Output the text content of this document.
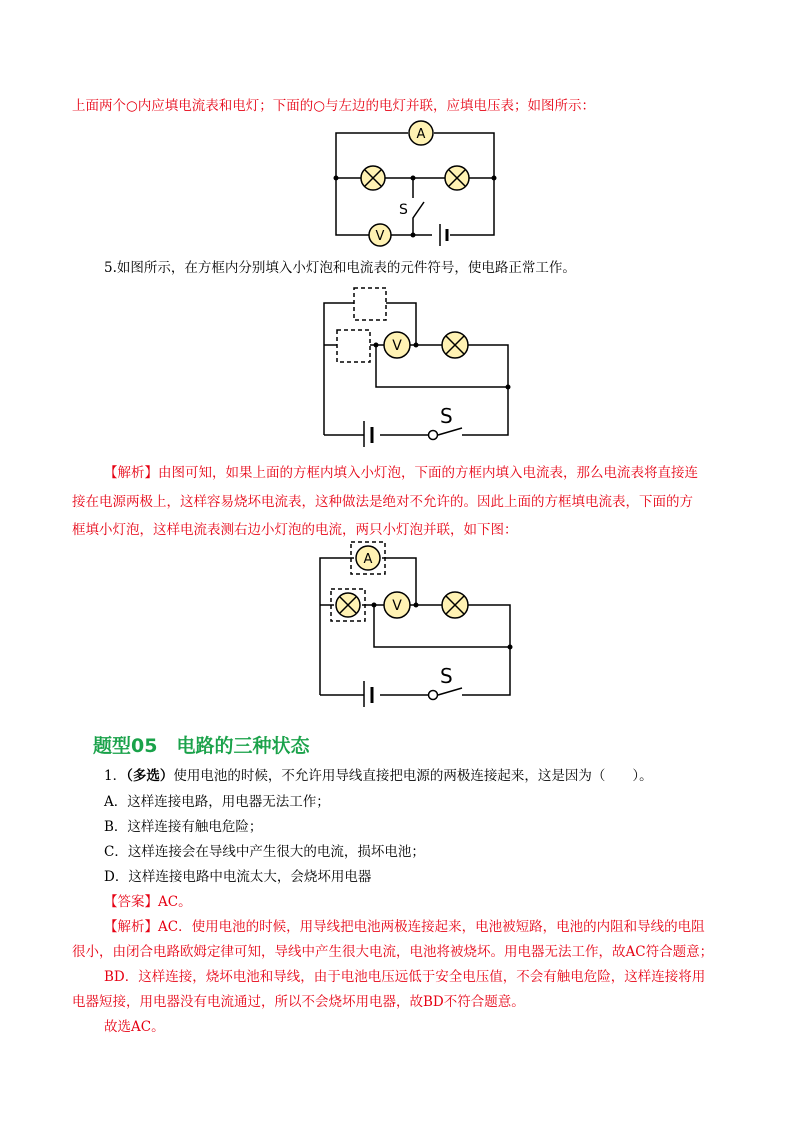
上面两个○内应填电流表和电灯；下面的○与左边的电灯并联，应填电压表；如图所示：
A
V
S
5.如图所示，在方框内分别填入小灯泡和电流表的元件符号，使电路正常工作。
V
S
【解析】由图可知，如果上面的方框内填入小灯泡，下面的方框内填入电流表，那么电流表将直接连
接在电源两极上，这样容易烧坏电流表，这种做法是绝对不允许的。因此上面的方框填电流表，下面的方
框填小灯泡，这样电流表测右边小灯泡的电流，两只小灯泡并联，如下图：
A
V
S
题型05　电路的三种状态
1．（多选）使用电池的时候，不允许用导线直接把电源的两极连接起来，这是因为（　　）。
A．这样连接电路，用电器无法工作；
B．这样连接有触电危险；
C．这样连接会在导线中产生很大的电流，损坏电池；
D．这样连接电路中电流太大，会烧坏用电器
【答案】AC。
【解析】AC．使用电池的时候，用导线把电池两极连接起来，电池被短路，电池的内阻和导线的电阻
很小，由闭合电路欧姆定律可知，导线中产生很大电流，电池将被烧坏。用电器无法工作，故AC符合题意；
BD．这样连接，烧坏电池和导线，由于电池电压远低于安全电压值，不会有触电危险，这样连接将用
电器短接，用电器没有电流通过，所以不会烧坏用电器，故BD不符合题意。
故选AC。
